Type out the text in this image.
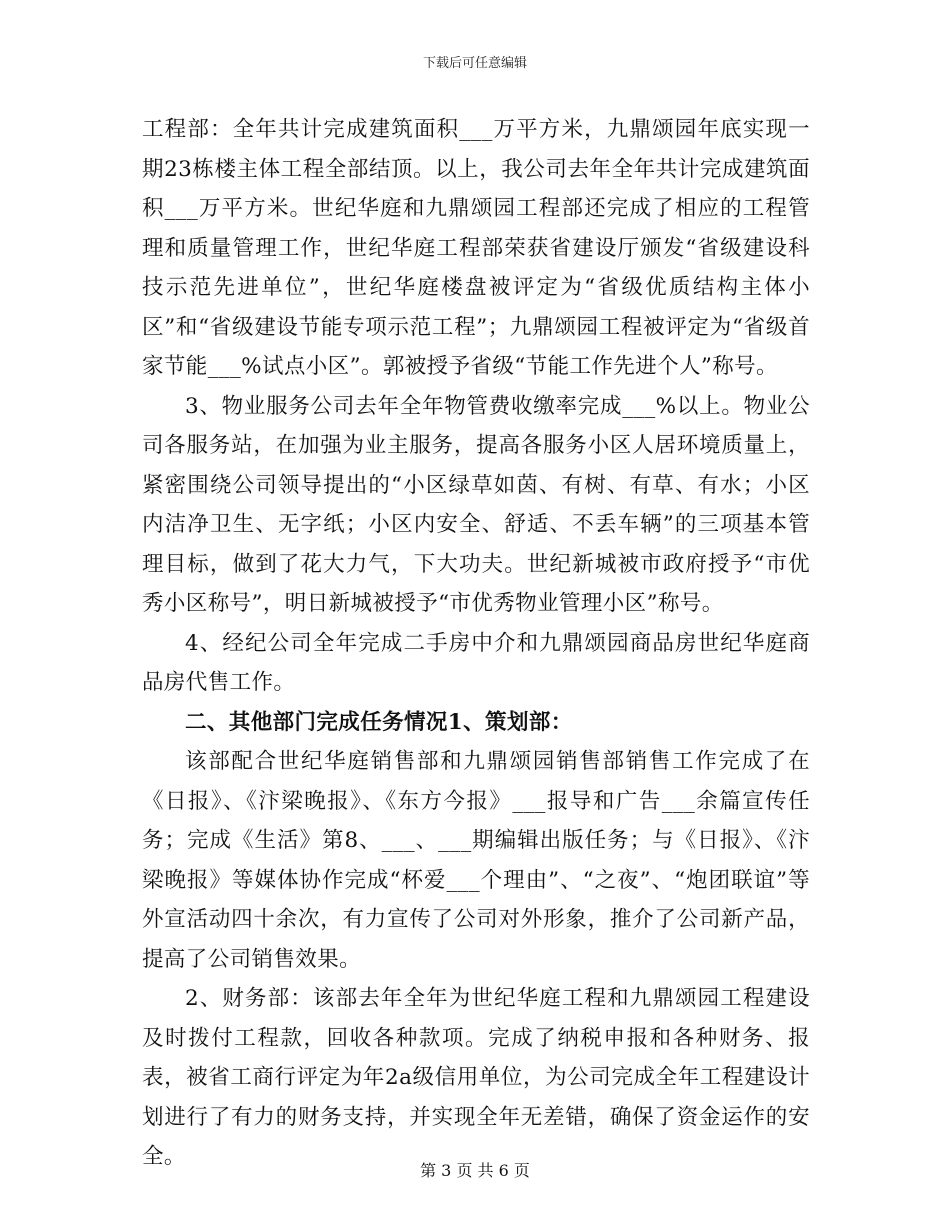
下载后可任意编辑

工程部：全年共计完成建筑面积___万平方米，九鼎颂园年底实现一期23栋楼主体工程全部结顶。以上，我公司去年全年共计完成建筑面积___万平方米。世纪华庭和九鼎颂园工程部还完成了相应的工程管理和质量管理工作，世纪华庭工程部荣获省建设厅颁发“省级建设科技示范先进单位”，世纪华庭楼盘被评定为“省级优质结构主体小区”和“省级建设节能专项示范工程”；九鼎颂园工程被评定为“省级首家节能___%试点小区”。郭被授予省级“节能工作先进个人”称号。

3、物业服务公司去年全年物管费收缴率完成___%以上。物业公司各服务站，在加强为业主服务，提高各服务小区人居环境质量上，紧密围绕公司领导提出的“小区绿草如茵、有树、有草、有水；小区内洁净卫生、无字纸；小区内安全、舒适、不丢车辆”的三项基本管理目标，做到了花大力气，下大功夫。世纪新城被市政府授予“市优秀小区称号”，明日新城被授予“市优秀物业管理小区”称号。

4、经纪公司全年完成二手房中介和九鼎颂园商品房世纪华庭商品房代售工作。

二、其他部门完成任务情况1、策划部：

该部配合世纪华庭销售部和九鼎颂园销售部销售工作完成了在《日报》、《汴梁晚报》、《东方今报》___报导和广告___余篇宣传任务；完成《生活》第8、___、___期编辑出版任务；与《日报》、《汴梁晚报》等媒体协作完成“杯爱___个理由”、“之夜”、“炮团联谊”等外宣活动四十余次，有力宣传了公司对外形象，推介了公司新产品，提高了公司销售效果。

2、财务部：该部去年全年为世纪华庭工程和九鼎颂园工程建设及时拨付工程款，回收各种款项。完成了纳税申报和各种财务、报表，被省工商行评定为年2a级信用单位，为公司完成全年工程建设计划进行了有力的财务支持，并实现全年无差错，确保了资金运作的安全。

第 3 页 共 6 页
